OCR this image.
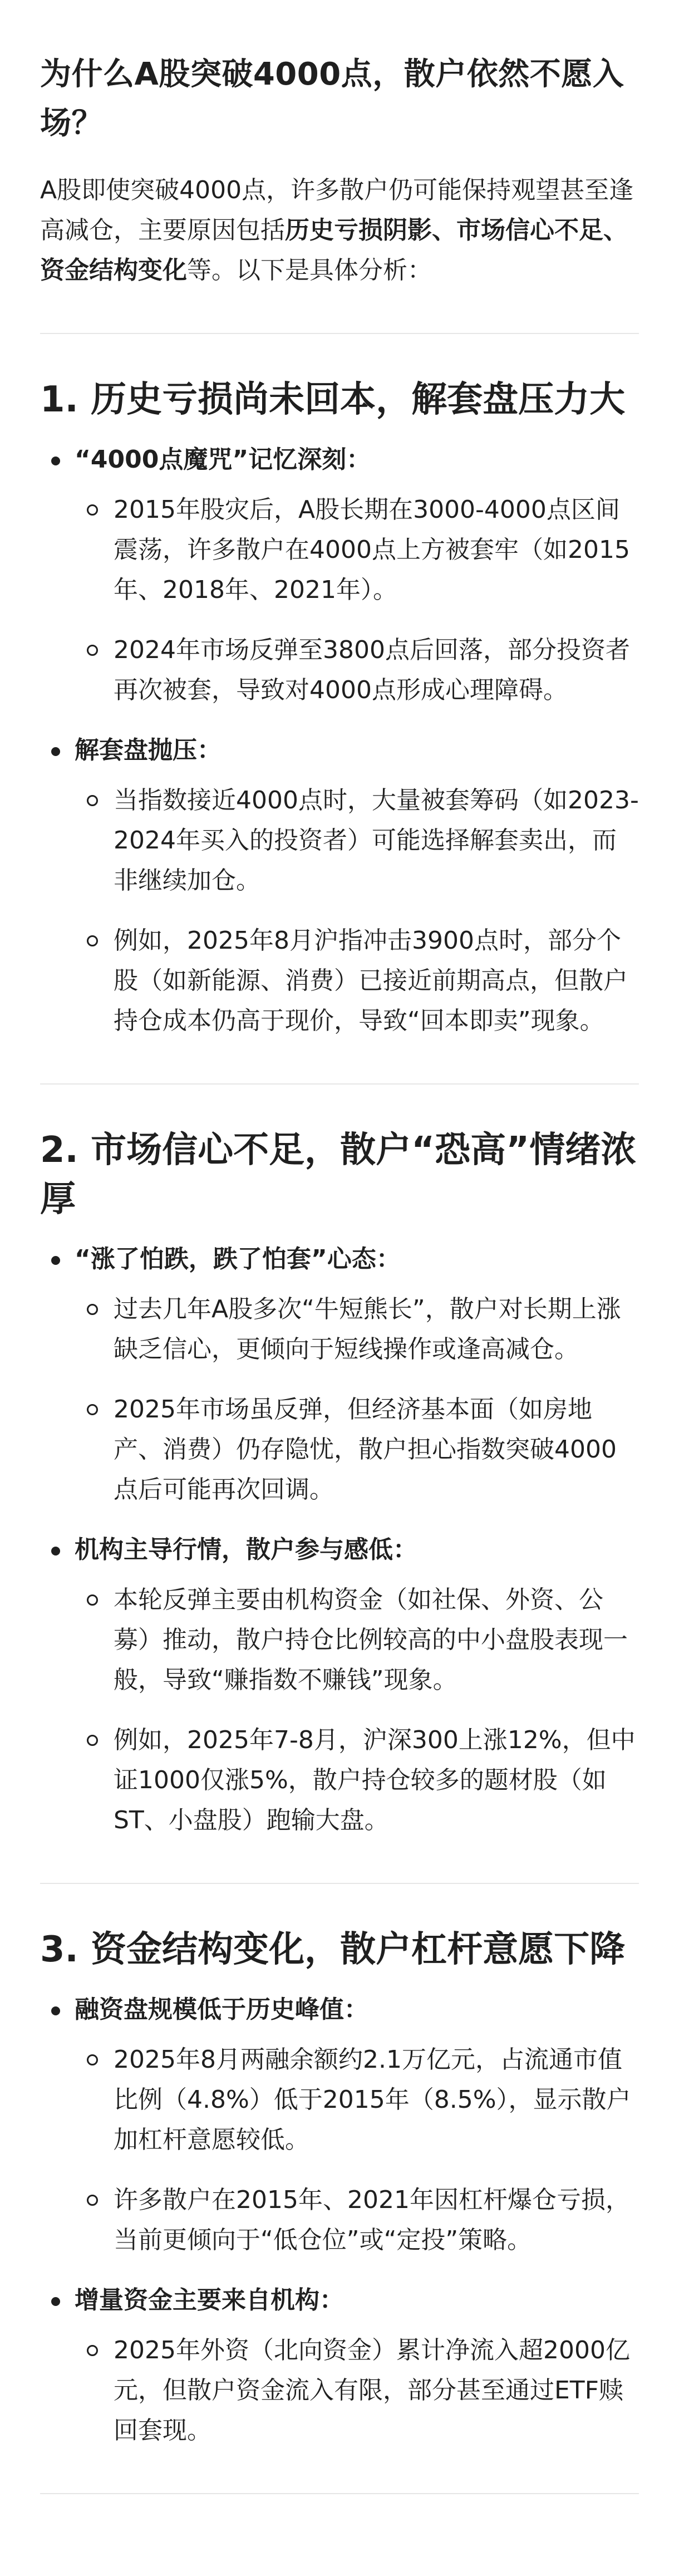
为什么A股突破4000点，散户依然不愿入场？

A股即使突破4000点，许多散户仍可能保持观望甚至逢高减仓，主要原因包括历史亏损阴影、市场信心不足、资金结构变化等。以下是具体分析：

1. 历史亏损尚未回本，解套盘压力大
“4000点魔咒”记忆深刻：
2015年股灾后，A股长期在3000-4000点区间震荡，许多散户在4000点上方被套牢（如2015年、2018年、2021年）。
2024年市场反弹至3800点后回落，部分投资者再次被套，导致对4000点形成心理障碍。
解套盘抛压：
当指数接近4000点时，大量被套筹码（如2023-2024年买入的投资者）可能选择解套卖出，而非继续加仓。
例如，2025年8月沪指冲击3900点时，部分个股（如新能源、消费）已接近前期高点，但散户持仓成本仍高于现价，导致“回本即卖”现象。
2. 市场信心不足，散户“恐高”情绪浓厚
“涨了怕跌，跌了怕套”心态：
过去几年A股多次“牛短熊长”，散户对长期上涨缺乏信心，更倾向于短线操作或逢高减仓。
2025年市场虽反弹，但经济基本面（如房地产、消费）仍存隐忧，散户担心指数突破4000点后可能再次回调。
机构主导行情，散户参与感低：
本轮反弹主要由机构资金（如社保、外资、公募）推动，散户持仓比例较高的中小盘股表现一般，导致“赚指数不赚钱”现象。
例如，2025年7-8月，沪深300上涨12%，但中证1000仅涨5%，散户持仓较多的题材股（如ST、小盘股）跑输大盘。
3. 资金结构变化，散户杠杆意愿下降
融资盘规模低于历史峰值：
2025年8月两融余额约2.1万亿元，占流通市值比例（4.8%）低于2015年（8.5%），显示散户加杠杆意愿较低。
许多散户在2015年、2021年因杠杆爆仓亏损，当前更倾向于“低仓位”或“定投”策略。
增量资金主要来自机构：
2025年外资（北向资金）累计净流入超2000亿元，但散户资金流入有限，部分甚至通过ETF赎回套现。
